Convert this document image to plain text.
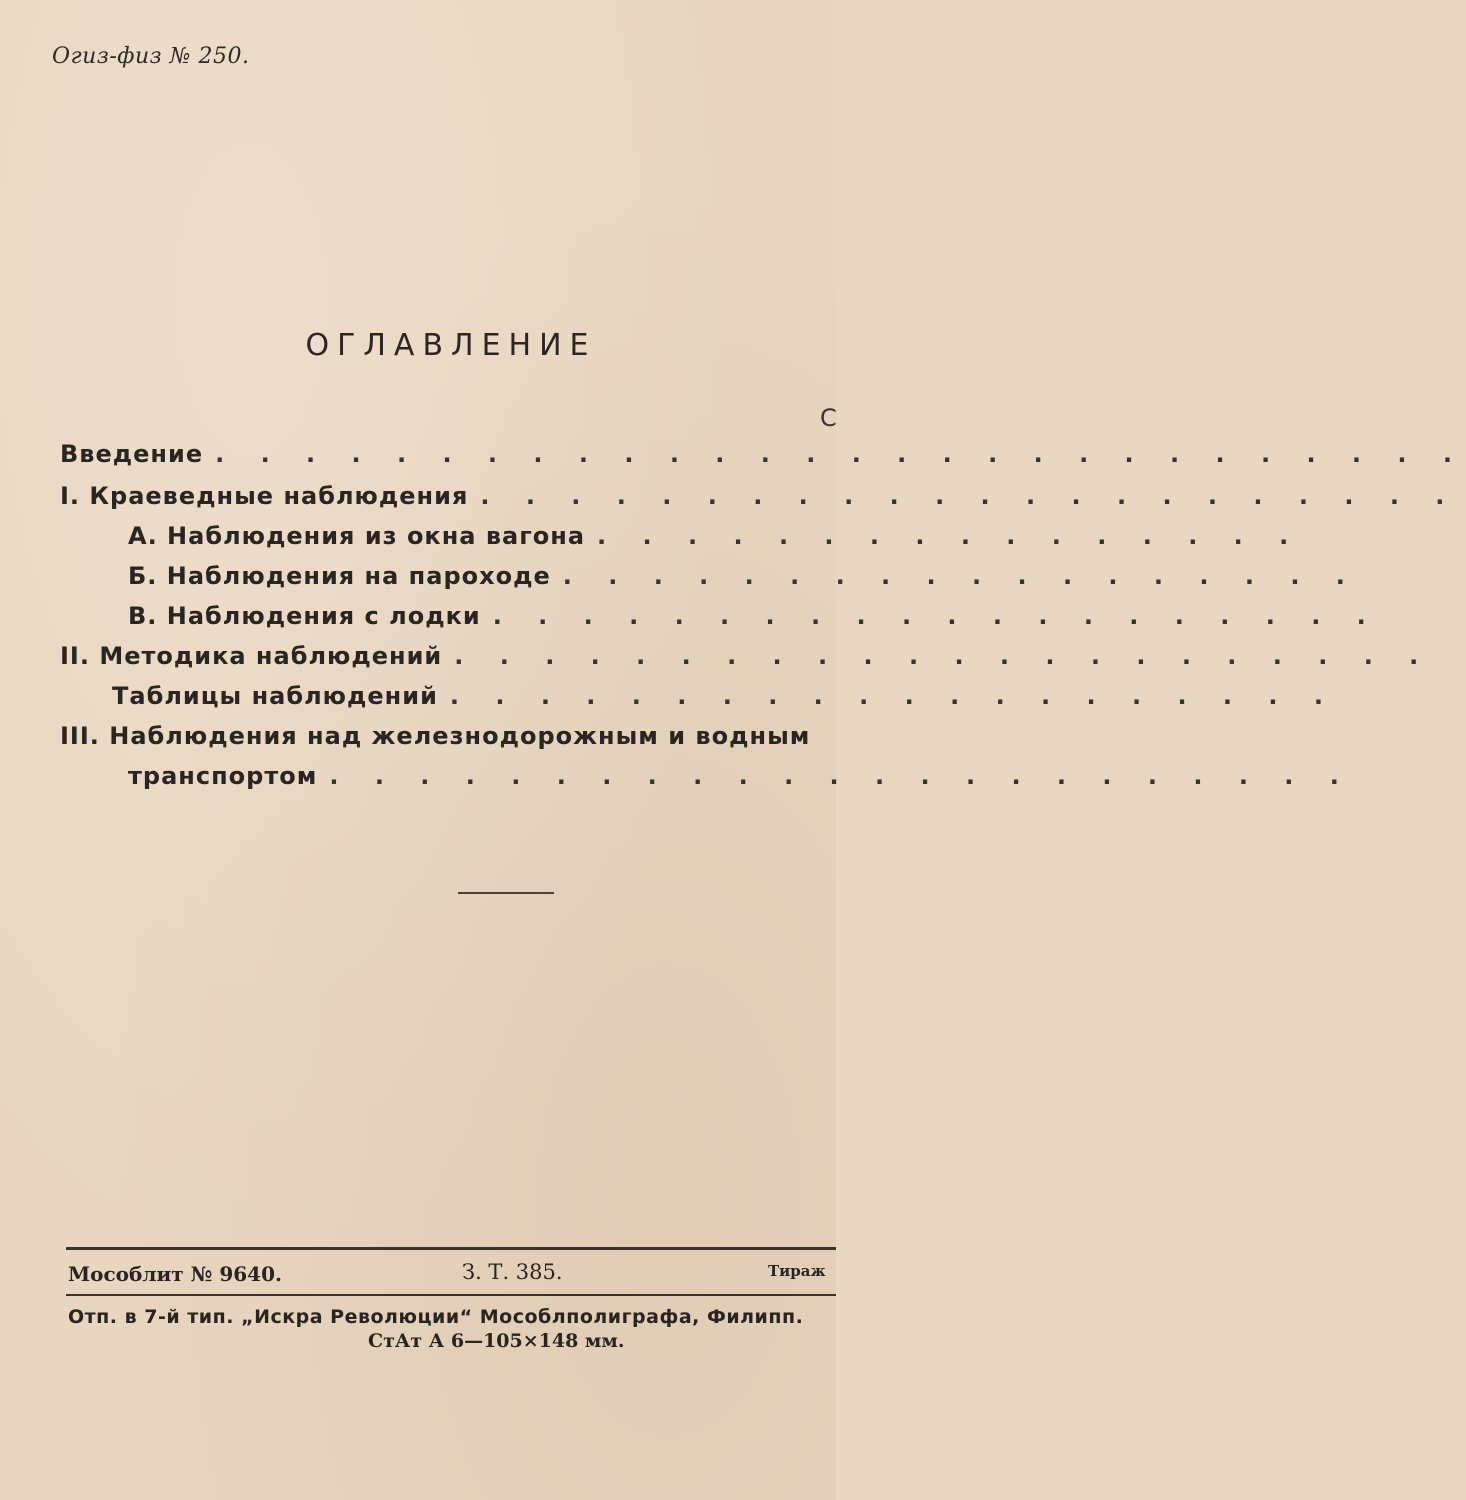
Огиз-физ № 250.
ОГЛАВЛЕНИЕ
С
Введение . . . . . . . . . . . . . . . . . . . . . . . . . . . .
I. Краеведные наблюдения . . . . . . . . . . . . . . . . . . . . . .
А. Наблюдения из окна вагона . . . . . . . . . . . . . . . .
Б. Наблюдения на пароходе . . . . . . . . . . . . . . . . . .
В. Наблюдения с лодки . . . . . . . . . . . . . . . . . . . .
II. Методика наблюдений . . . . . . . . . . . . . . . . . . . . . .
Таблицы наблюдений . . . . . . . . . . . . . . . . . . . .
III. Наблюдения над железнодорожным и водным
транспортом . . . . . . . . . . . . . . . . . . . . . . .
Мособлит № 9640.	З. Т. 385.	Тираж
Отп. в 7-й тип. „Искра Революции“ Мособлполиграфа, Филипп.
СтАт А 6—105×148 мм.
